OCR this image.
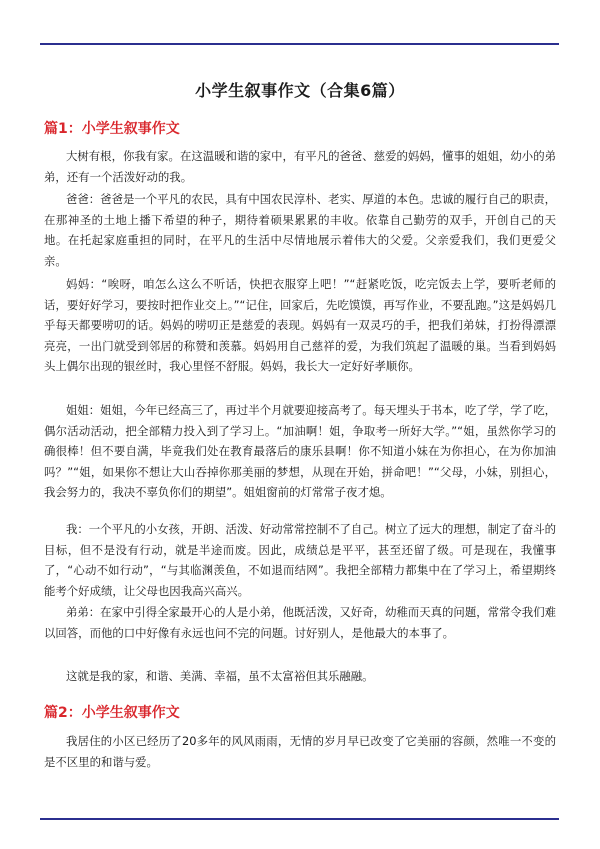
小学生叙事作文（合集6篇）
篇1：小学生叙事作文

大树有根，你我有家。在这温暖和谐的家中，有平凡的爸爸、慈爱的妈妈，懂事的姐姐，幼小的弟弟，还有一个活泼好动的我。

爸爸：爸爸是一个平凡的农民，具有中国农民淳朴、老实、厚道的本色。忠诚的履行自己的职责，在那神圣的土地上播下希望的种子，期待着硕果累累的丰收。依靠自己勤劳的双手，开创自己的天地。在托起家庭重担的同时，在平凡的生活中尽情地展示着伟大的父爱。父亲爱我们，我们更爱父亲。

妈妈：“唉呀，咱怎么这么不听话，快把衣服穿上吧！”“赶紧吃饭，吃完饭去上学，要听老师的话，要好好学习，要按时把作业交上。”“记住，回家后，先吃馍馍，再写作业，不要乱跑。”这是妈妈几乎每天都要唠叨的话。妈妈的唠叨正是慈爱的表现。妈妈有一双灵巧的手，把我们弟妹，打扮得漂漂亮亮，一出门就受到邻居的称赞和羡慕。妈妈用自己慈祥的爱，为我们筑起了温暖的巢。当看到妈妈头上偶尔出现的银丝时，我心里怪不舒服。妈妈，我长大一定好好孝顺你。

姐姐：姐姐，今年已经高三了，再过半个月就要迎接高考了。每天埋头于书本，吃了学，学了吃，偶尔活动活动，把全部精力投入到了学习上。“加油啊！姐，争取考一所好大学。”“姐，虽然你学习的确很棒！但不要自满，毕竟我们处在教育最落后的康乐县啊！你不知道小妹在为你担心，在为你加油吗？”“姐，如果你不想让大山吞掉你那美丽的梦想，从现在开始，拼命吧！”“父母，小妹，别担心，我会努力的，我决不辜负你们的期望”。姐姐窗前的灯常常子夜才熄。

我：一个平凡的小女孩，开朗、活泼、好动常常控制不了自己。树立了远大的理想，制定了奋斗的目标，但不是没有行动，就是半途而废。因此，成绩总是平平，甚至还留了级。可是现在，我懂事了，“心动不如行动”，“与其临渊羡鱼，不如退而结网”。我把全部精力都集中在了学习上，希望期终能考个好成绩，让父母也因我高兴高兴。

弟弟：在家中引得全家最开心的人是小弟，他既活泼，又好奇，幼稚而天真的问题，常常令我们难以回答，而他的口中好像有永远也问不完的问题。讨好别人，是他最大的本事了。

这就是我的家，和谐、美满、幸福，虽不太富裕但其乐融融。

篇2：小学生叙事作文

我居住的小区已经历了20多年的风风雨雨，无情的岁月早已改变了它美丽的容颜，然唯一不变的是不区里的和谐与爱。
